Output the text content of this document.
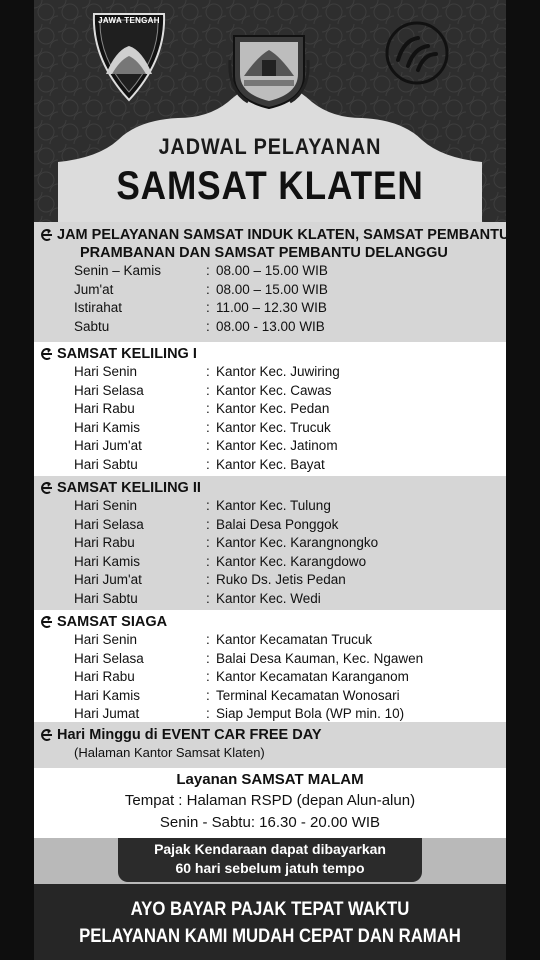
JAWA TENGAH
JADWAL PELAYANAN
SAMSAT KLATEN
JAM PELAYANAN SAMSAT INDUK KLATEN, SAMSAT PEMBANTU
PRAMBANAN DAN SAMSAT PEMBANTU DELANGGU
Senin – Kamis	: 08.00 – 15.00 WIB
Jum'at	: 08.00 – 15.00 WIB
Istirahat	: 11.00 – 12.30 WIB
Sabtu	: 08.00 - 13.00 WIB
SAMSAT KELILING I
Hari Senin	: Kantor Kec. Juwiring
Hari Selasa	: Kantor Kec. Cawas
Hari Rabu	: Kantor Kec. Pedan
Hari Kamis	: Kantor Kec. Trucuk
Hari Jum'at	: Kantor Kec. Jatinom
Hari Sabtu	: Kantor Kec. Bayat
SAMSAT KELILING II
Hari Senin	: Kantor Kec. Tulung
Hari Selasa	: Balai Desa Ponggok
Hari Rabu	: Kantor Kec. Karangnongko
Hari Kamis	: Kantor Kec. Karangdowo
Hari Jum'at	: Ruko Ds. Jetis Pedan
Hari Sabtu	: Kantor Kec. Wedi
SAMSAT SIAGA
Hari Senin	: Kantor Kecamatan Trucuk
Hari Selasa	: Balai Desa Kauman, Kec. Ngawen
Hari Rabu	: Kantor Kecamatan Karanganom
Hari Kamis	: Terminal Kecamatan Wonosari
Hari Jumat	: Siap Jemput Bola (WP min. 10)
Hari Minggu di EVENT CAR FREE DAY
(Halaman Kantor Samsat Klaten)
Layanan SAMSAT MALAM
Tempat : Halaman RSPD (depan Alun-alun)
Senin - Sabtu: 16.30 - 20.00 WIB
Pajak Kendaraan dapat dibayarkan
60 hari sebelum jatuh tempo
AYO BAYAR PAJAK TEPAT WAKTU
PELAYANAN KAMI MUDAH CEPAT DAN RAMAH
